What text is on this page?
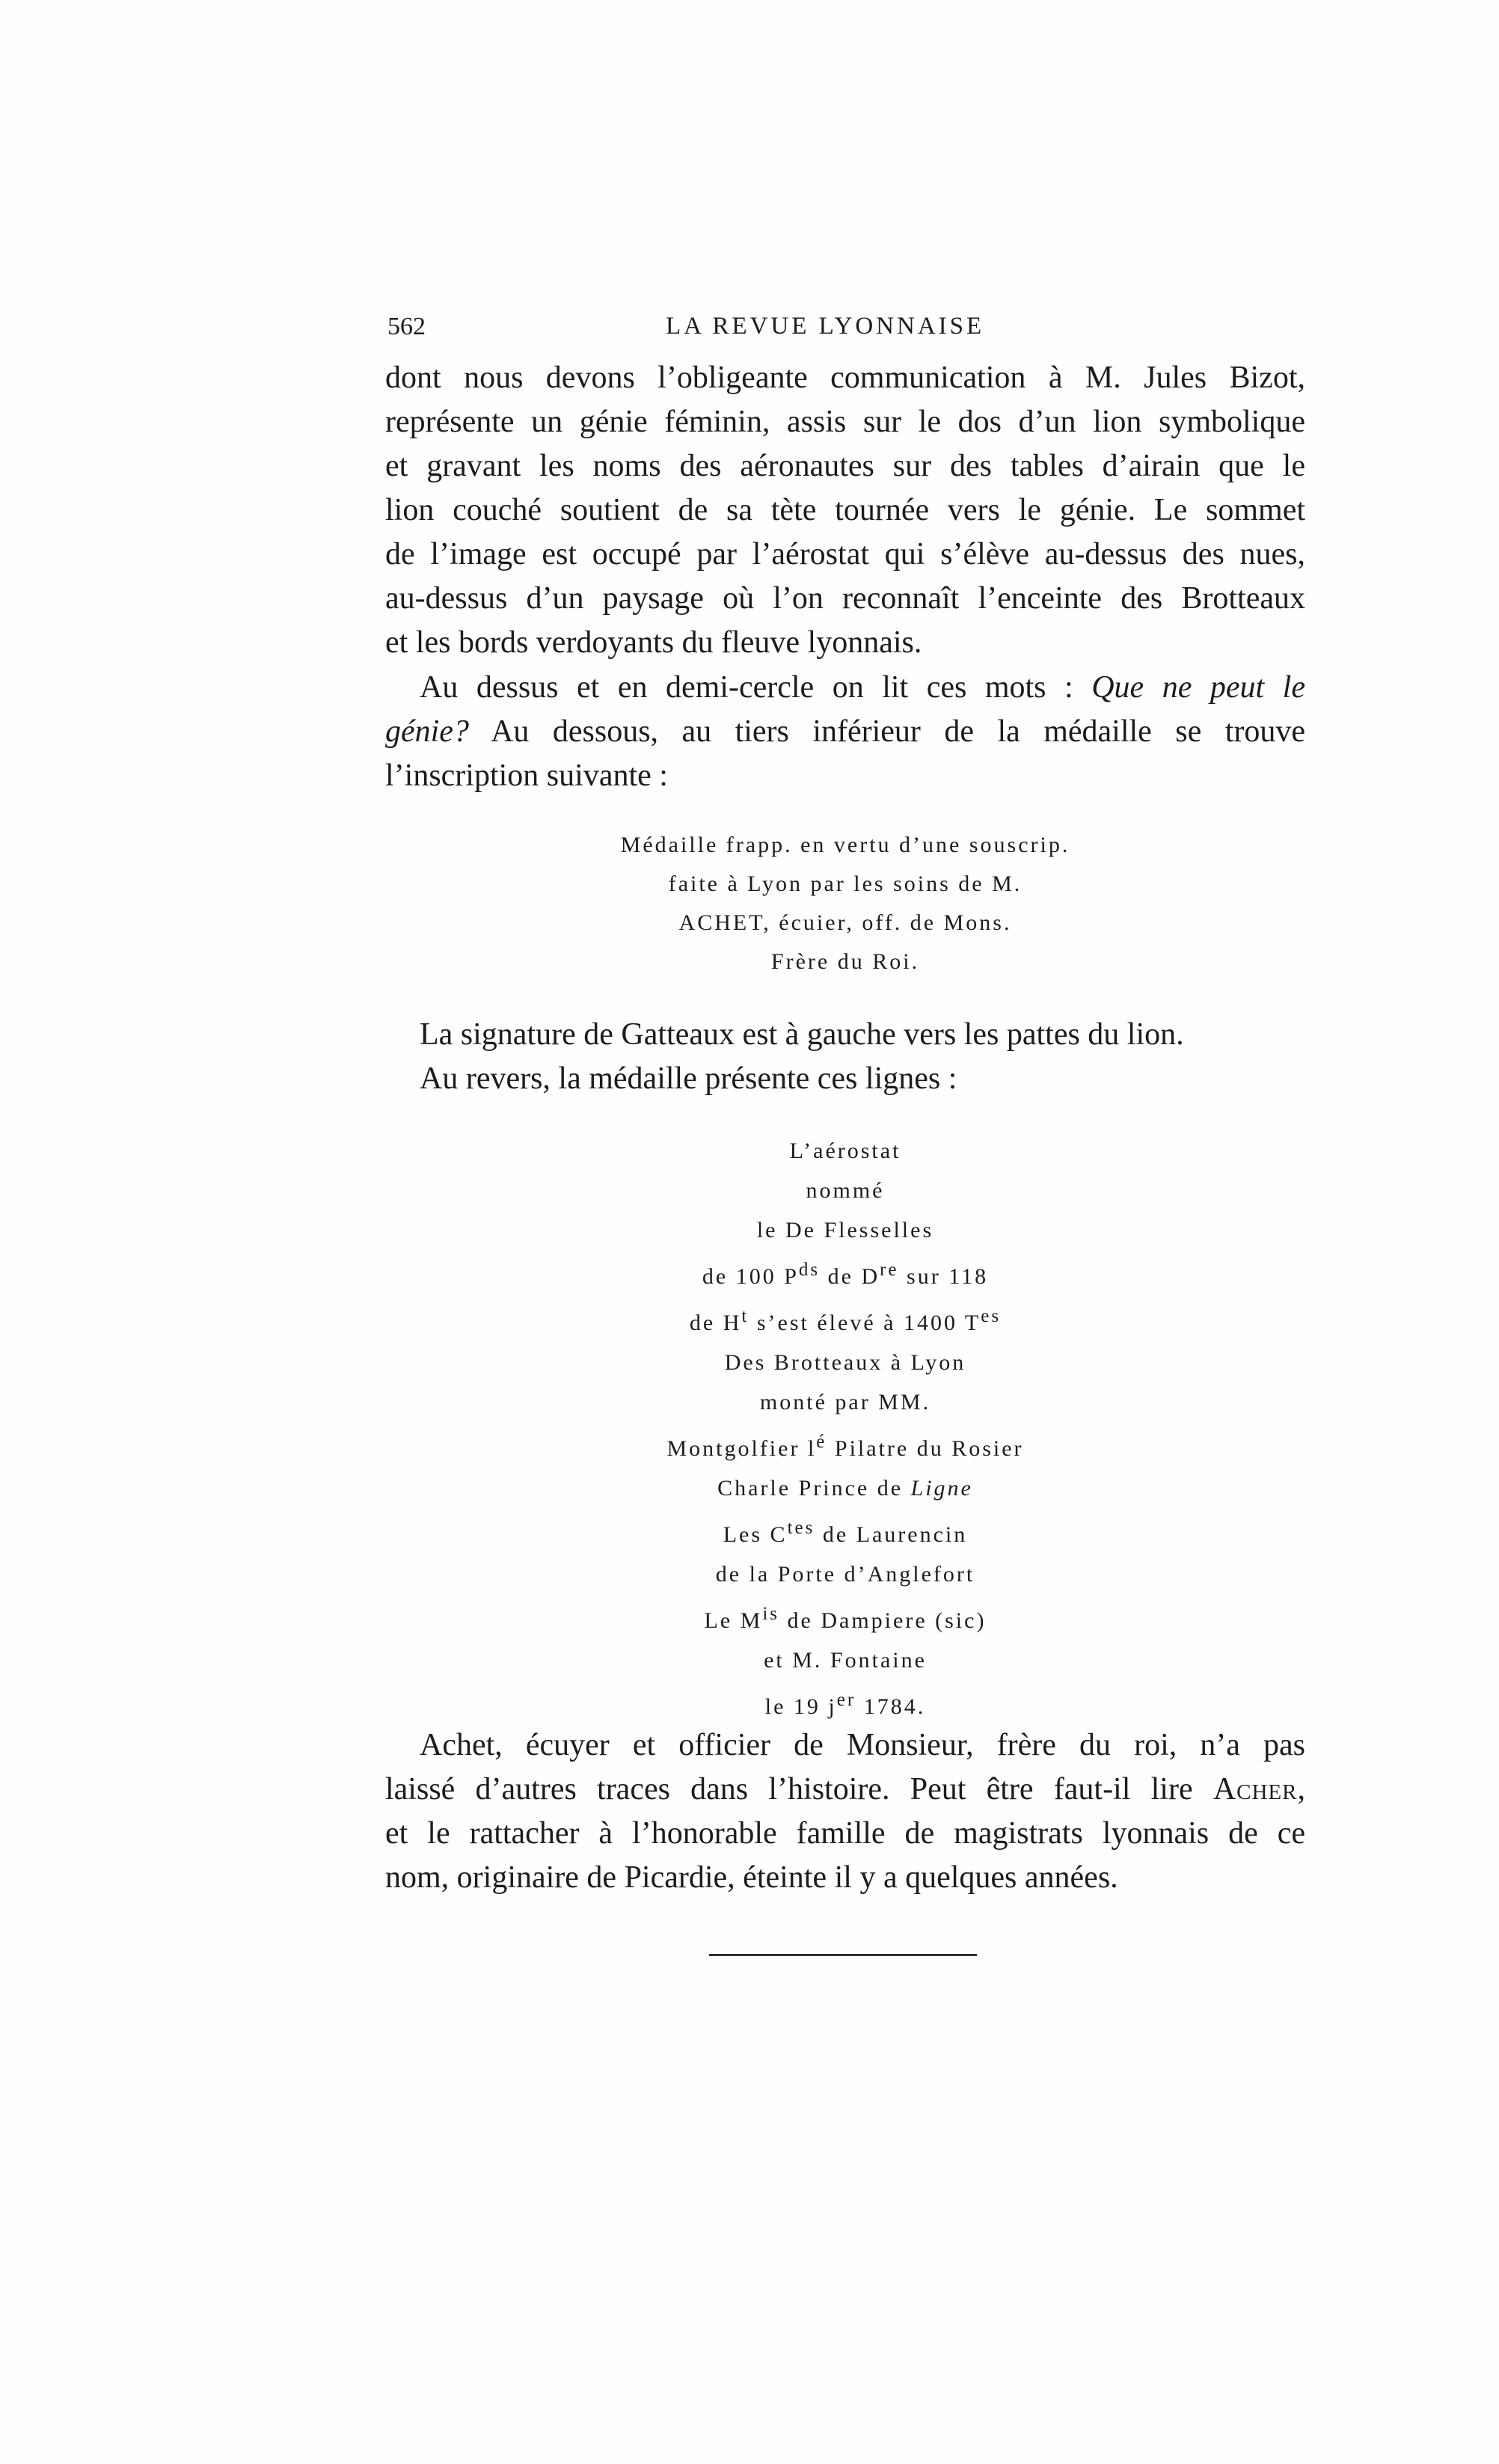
562	LA REVUE LYONNAISE

dont nous devons l’obligeante communication à M. Jules Bizot,
représente un génie féminin, assis sur le dos d’un lion symbolique
et gravant les noms des aéronautes sur des tables d’airain que le
lion couché soutient de sa tète tournée vers le génie. Le sommet
de l’image est occupé par l’aérostat qui s’élève au-dessus des nues,
au-dessus d’un paysage où l’on reconnaît l’enceinte des Brotteaux
et les bords verdoyants du fleuve lyonnais.

Au dessus et en demi-cercle on lit ces mots : Que ne peut le
génie? Au dessous, au tiers inférieur de la médaille se trouve
l’inscription suivante :

Médaille frapp. en vertu d’une souscrip.
faite à Lyon par les soins de M.
ACHET, écuier, off. de Mons.
Frère du Roi.

La signature de Gatteaux est à gauche vers les pattes du lion.
Au revers, la médaille présente ces lignes :

L’aérostat
nommé
le De Flesselles
de 100 $P^{ds}$ de Dre sur 118
de $H^t$ s’est élevé à 1400 $T^{es}$
Des Brotteaux à Lyon
monté par MM.
Montgolfier $l^é$ Pilatre du Rosier
Charle Prince de Ligne
Les $C^{tes}$ de Laurencin
de la Porte d’Anglefort
Le $M^{is}$ de Dampiere (sic)
et M. Fontaine
le 19 $j^{er}$ 1784.

Achet, écuyer et officier de Monsieur, frère du roi, n’a pas
laissé d’autres traces dans l’histoire. Peut être faut-il lire Acher,
et le rattacher à l’honorable famille de magistrats lyonnais de ce
nom, originaire de Picardie, éteinte il y a quelques années.
